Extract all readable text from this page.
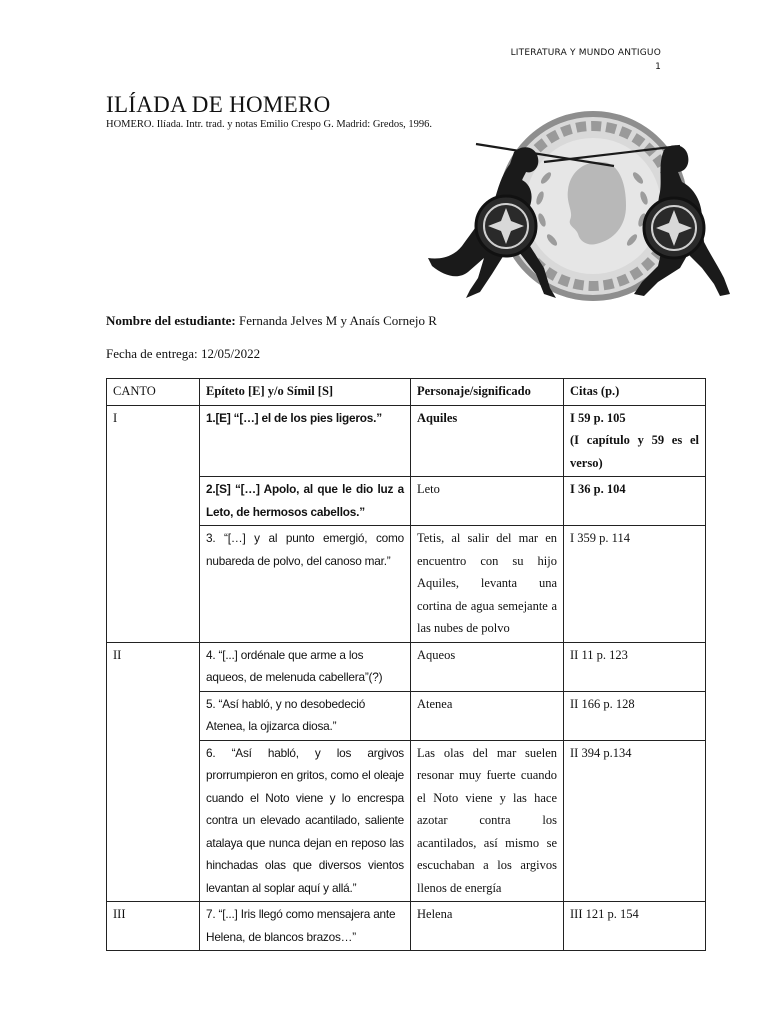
LITERATURA Y MUNDO ANTIGUO
1
ILÍADA DE HOMERO
HOMERO. Ilíada. Intr. trad. y notas Emilio Crespo G. Madrid: Gredos, 1996.
Nombre del estudiante: Fernanda Jelves M y Anaís Cornejo R
Fecha de entrega: 12/05/2022
CANTO	Epíteto [E] y/o Símil [S]	Personaje/significado	Citas (p.)
I	1.[E] “[…] el de los pies ligeros.”	Aquiles	I 59 p. 105
(I capítulo y 59 es el verso)
	2.[S] “[…] Apolo, al que le dio luz a Leto, de hermosos cabellos.”	Leto	I 36 p. 104
	3. “[…] y al punto emergió, como nubareda de polvo, del canoso mar.”	Tetis, al salir del mar en encuentro con su hijo Aquiles, levanta una cortina de agua semejante a las nubes de polvo	I 359 p. 114
II	4. “[...] ordénale que arme a los aqueos, de melenuda cabellera”(?)	Aqueos	II 11 p. 123
	5. “Así habló, y no desobedeció Atenea, la ojizarca diosa.”	Atenea	II 166 p. 128
	6. “Así habló, y los argivos prorrumpieron en gritos, como el oleaje cuando el Noto viene y lo encrespa contra un elevado acantilado, saliente atalaya que nunca dejan en reposo las hinchadas olas que diversos vientos levantan al soplar aquí y allá.”	Las olas del mar suelen resonar muy fuerte cuando el Noto viene y las hace azotar contra los acantilados, así mismo se escuchaban a los argivos llenos de energía	II 394 p.134
III	7. “[...] Iris llegó como mensajera ante Helena, de blancos brazos…”	Helena	III 121 p. 154
